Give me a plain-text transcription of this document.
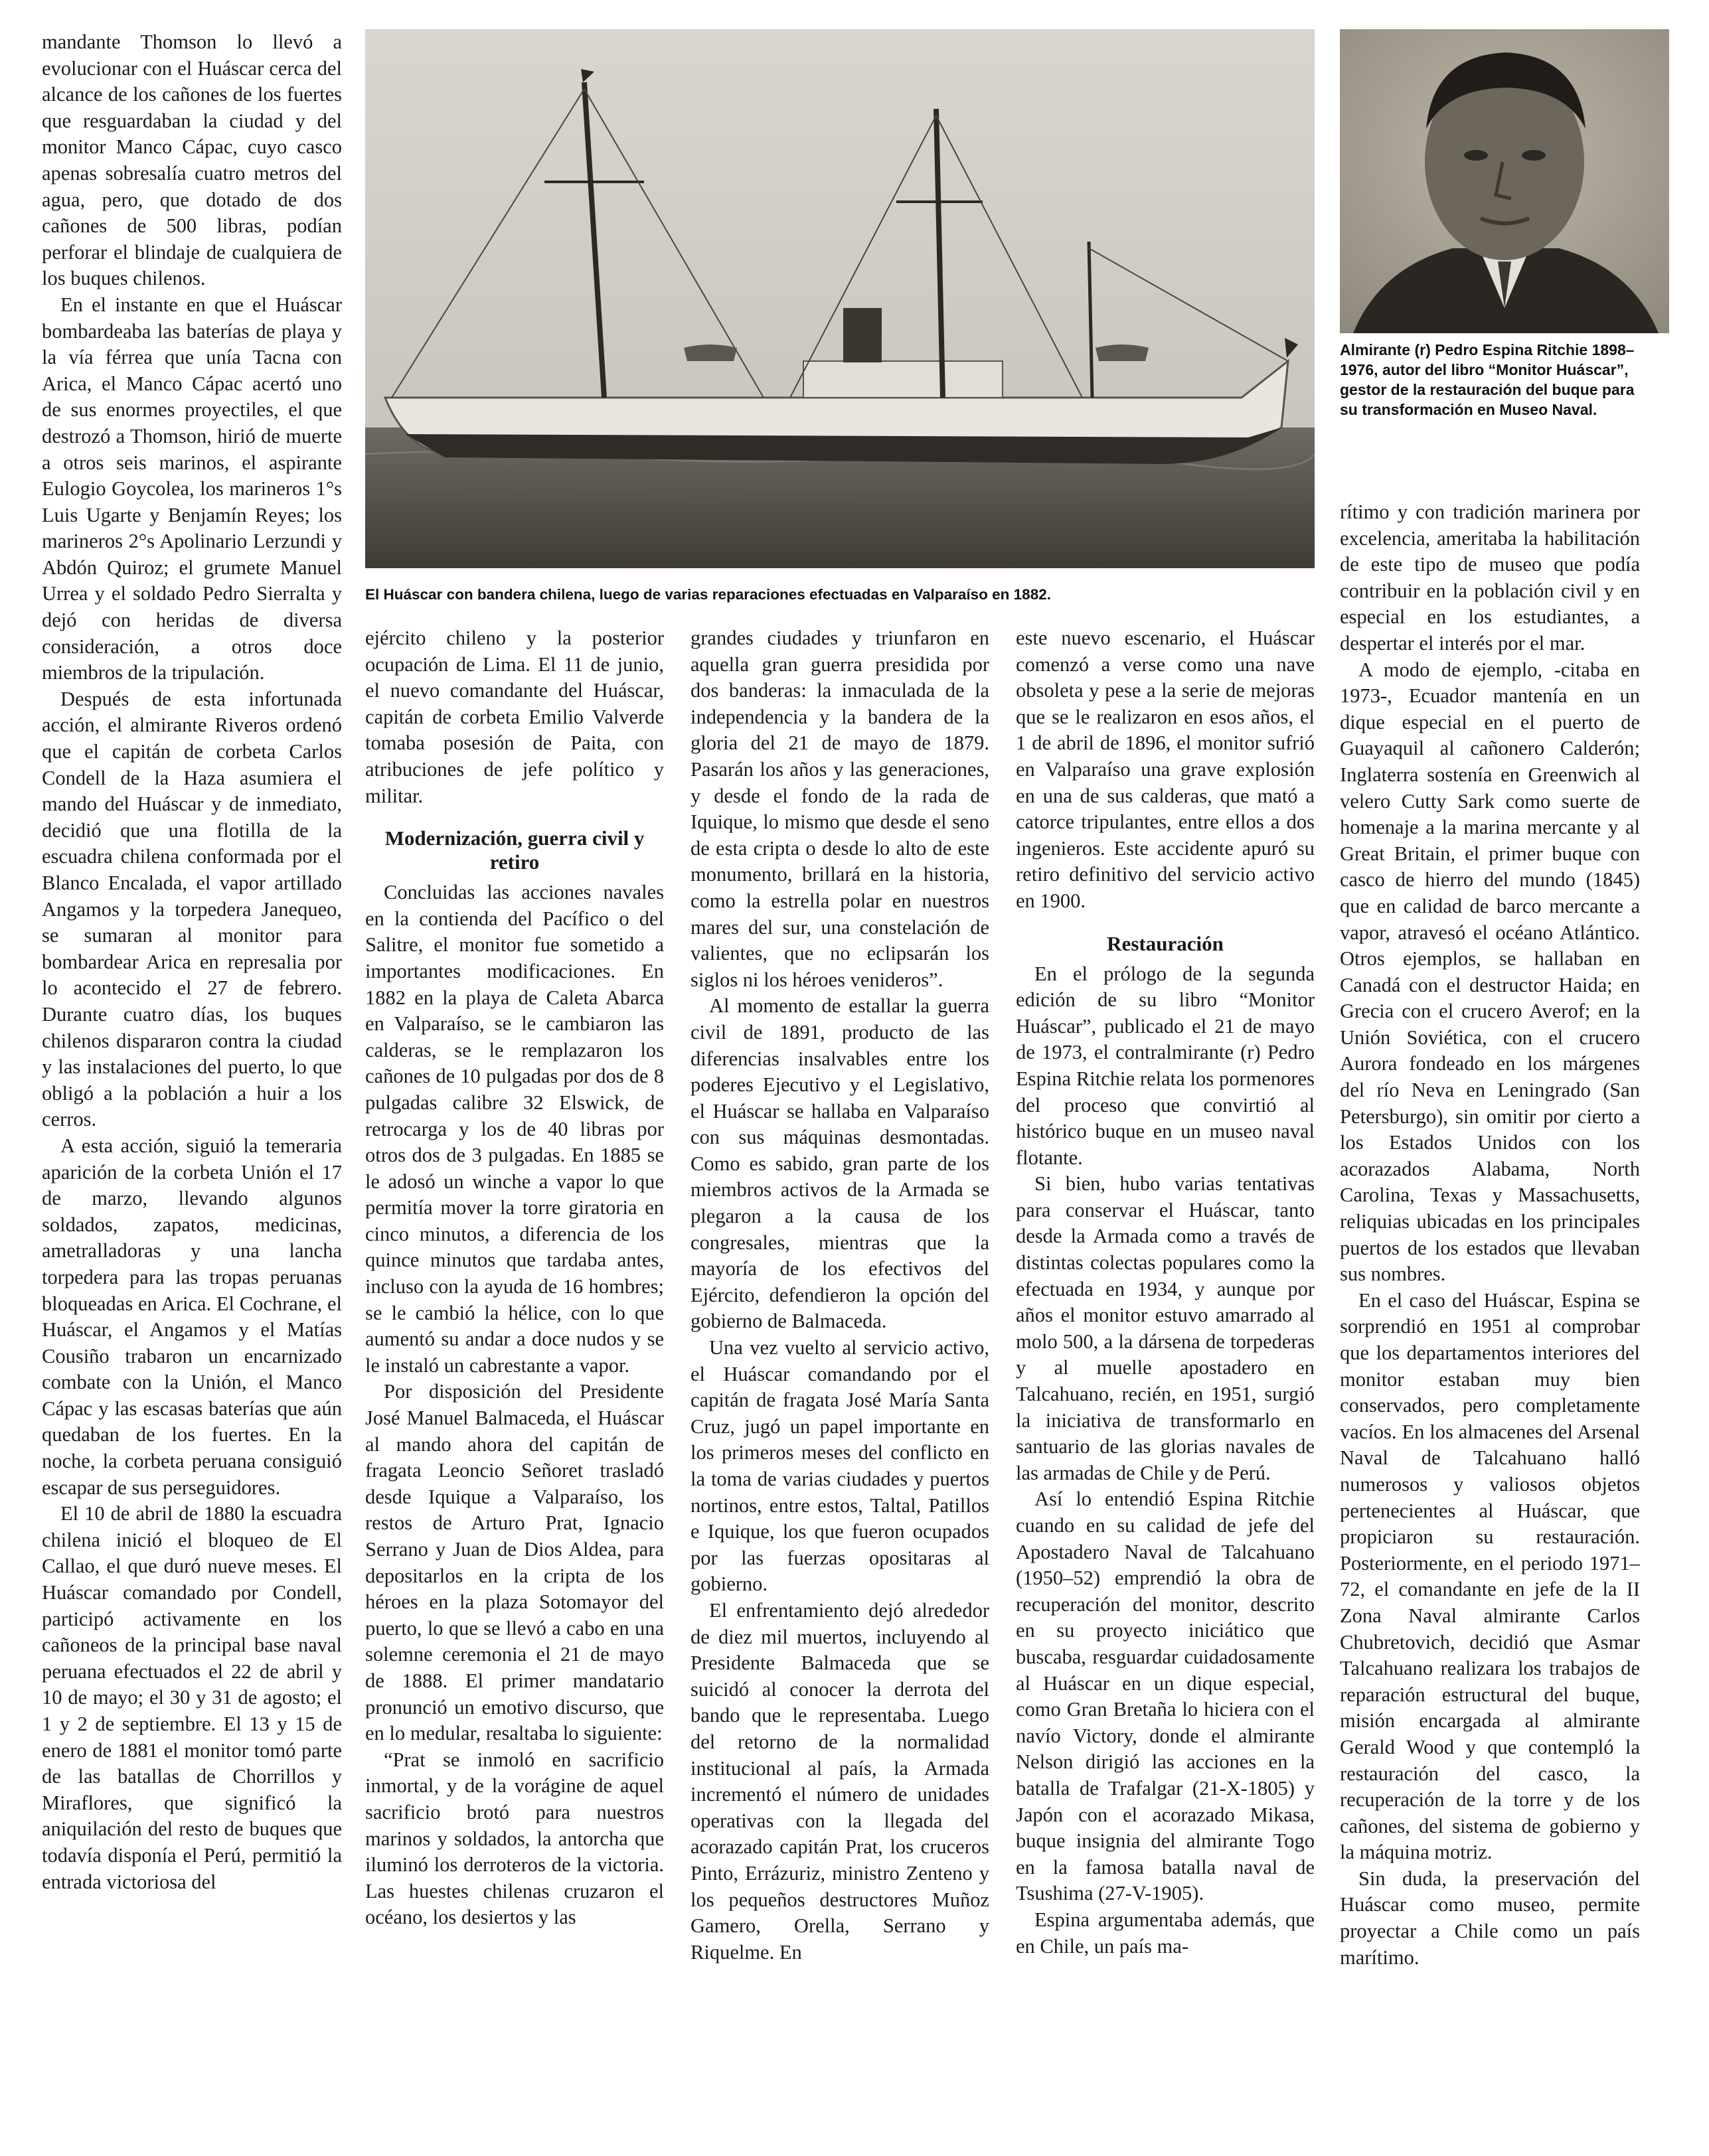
mandante Thomson lo llevó a evolucionar con el Huáscar cerca del alcance de los cañones de los fuertes que resguardaban la ciudad y del monitor Manco Cápac, cuyo casco apenas sobresalía cuatro metros del agua, pero, que dotado de dos cañones de 500 libras, podían perforar el blindaje de cualquiera de los buques chilenos.

En el instante en que el Huáscar bombardeaba las baterías de playa y la vía férrea que unía Tacna con Arica, el Manco Cápac acertó uno de sus enormes proyectiles, el que destrozó a Thomson, hirió de muerte a otros seis marinos, el aspirante Eulogio Goycolea, los marineros 1°s Luis Ugarte y Benjamín Reyes; los marineros 2°s Apolinario Lerzundi y Abdón Quiroz; el grumete Manuel Urrea y el soldado Pedro Sierralta y dejó con heridas de diversa consideración, a otros doce miembros de la tripulación.

Después de esta infortunada acción, el almirante Riveros ordenó que el capitán de corbeta Carlos Condell de la Haza asumiera el mando del Huáscar y de inmediato, decidió que una flotilla de la escuadra chilena conformada por el Blanco Encalada, el vapor artillado Angamos y la torpedera Janequeo, se sumaran al monitor para bombardear Arica en represalia por lo acontecido el 27 de febrero. Durante cuatro días, los buques chilenos dispararon contra la ciudad y las instalaciones del puerto, lo que obligó a la población a huir a los cerros.

A esta acción, siguió la temeraria aparición de la corbeta Unión el 17 de marzo, llevando algunos soldados, zapatos, medicinas, ametralladoras y una lancha torpedera para las tropas peruanas bloqueadas en Arica. El Cochrane, el Huáscar, el Angamos y el Matías Cousiño trabaron un encarnizado combate con la Unión, el Manco Cápac y las escasas baterías que aún quedaban de los fuertes. En la noche, la corbeta peruana consiguió escapar de sus perseguidores.

El 10 de abril de 1880 la escuadra chilena inició el bloqueo de El Callao, el que duró nueve meses. El Huáscar comandado por Condell, participó activamente en los cañoneos de la principal base naval peruana efectuados el 22 de abril y 10 de mayo; el 30 y 31 de agosto; el 1 y 2 de septiembre. El 13 y 15 de enero de 1881 el monitor tomó parte de las batallas de Chorrillos y Miraflores, que significó la aniquilación del resto de buques que todavía disponía el Perú, permitió la entrada victoriosa del

El Huáscar con bandera chilena, luego de varias reparaciones efectuadas en Valparaíso en 1882.
Almirante (r) Pedro Espina Ritchie 1898–1976, autor del libro “Monitor Huáscar”, gestor de la restauración del buque para su transformación en Museo Naval.

ejército chileno y la posterior ocupación de Lima. El 11 de junio, el nuevo comandante del Huáscar, capitán de corbeta Emilio Valverde tomaba posesión de Paita, con atribuciones de jefe político y militar.

Modernización, guerra civil y retiro

Concluidas las acciones navales en la contienda del Pacífico o del Salitre, el monitor fue sometido a importantes modificaciones. En 1882 en la playa de Caleta Abarca en Valparaíso, se le cambiaron las calderas, se le remplazaron los cañones de 10 pulgadas por dos de 8 pulgadas calibre 32 Elswick, de retrocarga y los de 40 libras por otros dos de 3 pulgadas. En 1885 se le adosó un winche a vapor lo que permitía mover la torre giratoria en cinco minutos, a diferencia de los quince minutos que tardaba antes, incluso con la ayuda de 16 hombres; se le cambió la hélice, con lo que aumentó su andar a doce nudos y se le instaló un cabrestante a vapor.

Por disposición del Presidente José Manuel Balmaceda, el Huáscar al mando ahora del capitán de fragata Leoncio Señoret trasladó desde Iquique a Valparaíso, los restos de Arturo Prat, Ignacio Serrano y Juan de Dios Aldea, para depositarlos en la cripta de los héroes en la plaza Sotomayor del puerto, lo que se llevó a cabo en una solemne ceremonia el 21 de mayo de 1888. El primer mandatario pronunció un emotivo discurso, que en lo medular, resaltaba lo siguiente:

“Prat se inmoló en sacrificio inmortal, y de la vorágine de aquel sacrificio brotó para nuestros marinos y soldados, la antorcha que iluminó los derroteros de la victoria. Las huestes chilenas cruzaron el océano, los desiertos y las

grandes ciudades y triunfaron en aquella gran guerra presidida por dos banderas: la inmaculada de la independencia y la bandera de la gloria del 21 de mayo de 1879. Pasarán los años y las generaciones, y desde el fondo de la rada de Iquique, lo mismo que desde el seno de esta cripta o desde lo alto de este monumento, brillará en la historia, como la estrella polar en nuestros mares del sur, una constelación de valientes, que no eclipsarán los siglos ni los héroes venideros”.

Al momento de estallar la guerra civil de 1891, producto de las diferencias insalvables entre los poderes Ejecutivo y el Legislativo, el Huáscar se hallaba en Valparaíso con sus máquinas desmontadas. Como es sabido, gran parte de los miembros activos de la Armada se plegaron a la causa de los congresales, mientras que la mayoría de los efectivos del Ejército, defendieron la opción del gobierno de Balmaceda.

Una vez vuelto al servicio activo, el Huáscar comandando por el capitán de fragata José María Santa Cruz, jugó un papel importante en los primeros meses del conflicto en la toma de varias ciudades y puertos nortinos, entre estos, Taltal, Patillos e Iquique, los que fueron ocupados por las fuerzas opositaras al gobierno.

El enfrentamiento dejó alrededor de diez mil muertos, incluyendo al Presidente Balmaceda que se suicidó al conocer la derrota del bando que le representaba. Luego del retorno de la normalidad institucional al país, la Armada incrementó el número de unidades operativas con la llegada del acorazado capitán Prat, los cruceros Pinto, Errázuriz, ministro Zenteno y los pequeños destructores Muñoz Gamero, Orella, Serrano y Riquelme. En

este nuevo escenario, el Huáscar comenzó a verse como una nave obsoleta y pese a la serie de mejoras que se le realizaron en esos años, el 1 de abril de 1896, el monitor sufrió en Valparaíso una grave explosión en una de sus calderas, que mató a catorce tripulantes, entre ellos a dos ingenieros. Este accidente apuró su retiro definitivo del servicio activo en 1900.

Restauración

En el prólogo de la segunda edición de su libro “Monitor Huáscar”, publicado el 21 de mayo de 1973, el contralmirante (r) Pedro Espina Ritchie relata los pormenores del proceso que convirtió al histórico buque en un museo naval flotante.

Si bien, hubo varias tentativas para conservar el Huáscar, tanto desde la Armada como a través de distintas colectas populares como la efectuada en 1934, y aunque por años el monitor estuvo amarrado al molo 500, a la dársena de torpederas y al muelle apostadero en Talcahuano, recién, en 1951, surgió la iniciativa de transformarlo en santuario de las glorias navales de las armadas de Chile y de Perú.

Así lo entendió Espina Ritchie cuando en su calidad de jefe del Apostadero Naval de Talcahuano (1950–52) emprendió la obra de recuperación del monitor, descrito en su proyecto iniciático que buscaba, resguardar cuidadosamente al Huáscar en un dique especial, como Gran Bretaña lo hiciera con el navío Victory, donde el almirante Nelson dirigió las acciones en la batalla de Trafalgar (21-X-1805) y Japón con el acorazado Mikasa, buque insignia del almirante Togo en la famosa batalla naval de Tsushima (27-V-1905).

Espina argumentaba además, que en Chile, un país ma-

rítimo y con tradición marinera por excelencia, ameritaba la habilitación de este tipo de museo que podía contribuir en la población civil y en especial en los estudiantes, a despertar el interés por el mar.

A modo de ejemplo, -citaba en 1973-, Ecuador mantenía en un dique especial en el puerto de Guayaquil al cañonero Calderón; Inglaterra sostenía en Greenwich al velero Cutty Sark como suerte de homenaje a la marina mercante y al Great Britain, el primer buque con casco de hierro del mundo (1845) que en calidad de barco mercante a vapor, atravesó el océano Atlántico. Otros ejemplos, se hallaban en Canadá con el destructor Haida; en Grecia con el crucero Averof; en la Unión Soviética, con el crucero Aurora fondeado en los márgenes del río Neva en Leningrado (San Petersburgo), sin omitir por cierto a los Estados Unidos con los acorazados Alabama, North Carolina, Texas y Massachusetts, reliquias ubicadas en los principales puertos de los estados que llevaban sus nombres.

En el caso del Huáscar, Espina se sorprendió en 1951 al comprobar que los departamentos interiores del monitor estaban muy bien conservados, pero completamente vacíos. En los almacenes del Arsenal Naval de Talcahuano halló numerosos y valiosos objetos pertenecientes al Huáscar, que propiciaron su restauración. Posteriormente, en el periodo 1971–72, el comandante en jefe de la II Zona Naval almirante Carlos Chubretovich, decidió que Asmar Talcahuano realizara los trabajos de reparación estructural del buque, misión encargada al almirante Gerald Wood y que contempló la restauración del casco, la recuperación de la torre y de los cañones, del sistema de gobierno y la máquina motriz.

Sin duda, la preservación del Huáscar como museo, permite proyectar a Chile como un país marítimo.
